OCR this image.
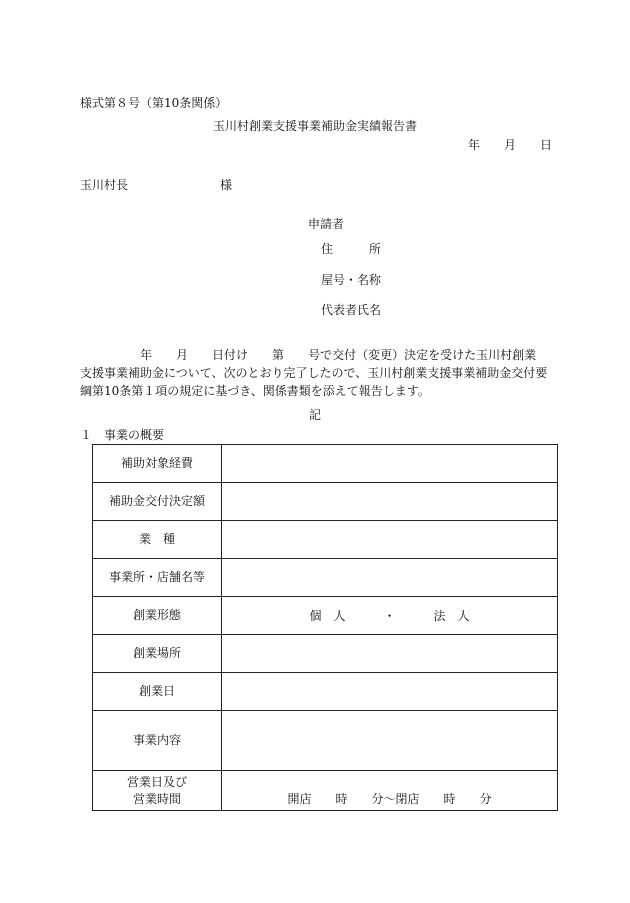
様式第８号（第10条関係）
玉川村創業支援事業補助金実績報告書
年 月 日
玉川村長	様
申請者
住	所
屋号・名称
代表者氏名
年 月 日付け 第 号で交付（変更）決定を受けた玉川村創業
支援事業補助金について、次のとおり完了したので、玉川村創業支援事業補助金交付要
綱第10条第１項の規定に基づき、関係書類を添えて報告します。
記
１　事業の概要
補助対象経費	
補助金交付決定額	
業　種	
事業所・店舗名等	
創業形態	個　人 ・ 法　人
創業場所	
創業日	
事業内容	

営業日及び
営業時間	開店 時 分～閉店 時 分
